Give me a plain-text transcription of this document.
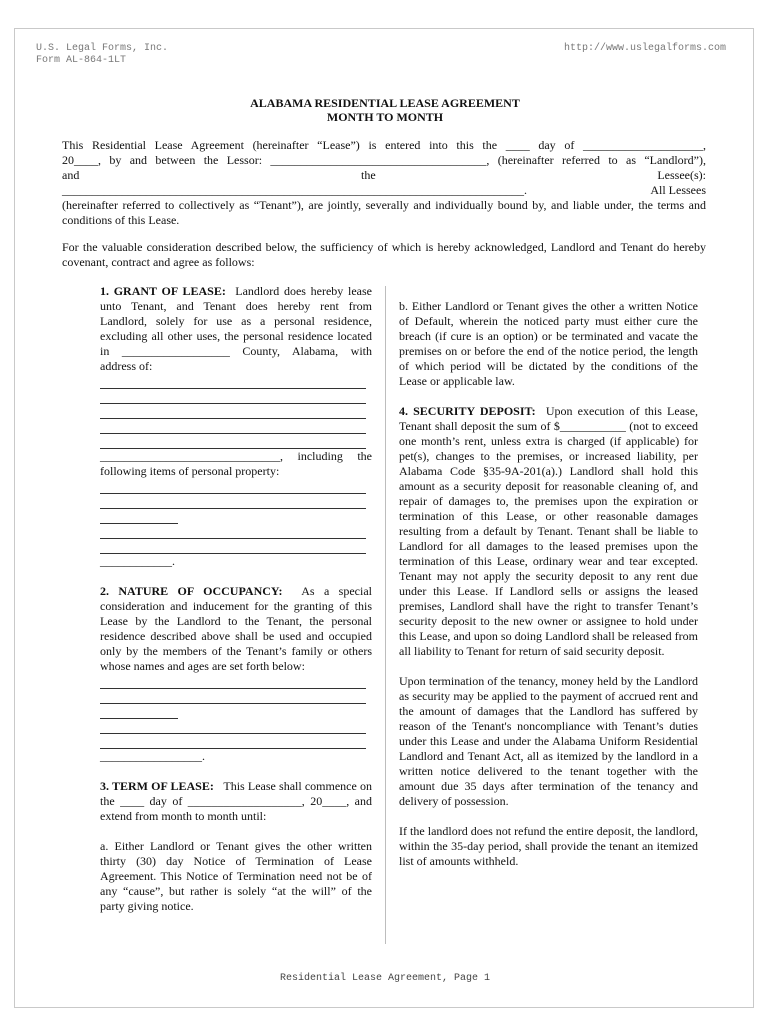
U.S. Legal Forms, Inc.
Form AL-864-1LT
http://www.uslegalforms.com
ALABAMA RESIDENTIAL LEASE AGREEMENT
MONTH TO MONTH

This Residential Lease Agreement (hereinafter “Lease”) is entered into this the ____ day of ____________________,

20____, by and between the Lessor: ____________________________________, (hereinafter referred to as “Landlord”),

and	the	Lessee(s):
_____________________________________________________________________________.	All Lessees

(hereinafter referred to collectively as “Tenant”), are jointly, severally and individually bound by, and liable under, the terms and conditions of this Lease.

For the valuable consideration described below, the sufficiency of which is hereby acknowledged, Landlord and Tenant do hereby covenant, contract and agree as follows:

1. GRANT OF LEASE: Landlord does hereby lease unto Tenant, and Tenant does hereby rent from Landlord, solely for use as a personal residence, excluding all other uses, the personal residence located in __________________ County, Alabama, with address of:

______________________________, including the following items of personal property:

____________.

2. NATURE OF OCCUPANCY: As a special consideration and inducement for the granting of this Lease by the Landlord to the Tenant, the personal residence described above shall be used and occupied only by the members of the Tenant’s family or others whose names and ages are set forth below:

_________________.

3. TERM OF LEASE: This Lease shall commence on the ____ day of ___________________, 20____, and extend from month to month until:

a. Either Landlord or Tenant gives the other written thirty (30) day Notice of Termination of Lease Agreement. This Notice of Termination need not be of any “cause”, but rather is solely “at the will” of the party giving notice.

b. Either Landlord or Tenant gives the other a written Notice of Default, wherein the noticed party must either cure the breach (if cure is an option) or be terminated and vacate the premises on or before the end of the notice period, the length of which period will be dictated by the conditions of the Lease or applicable law.

4. SECURITY DEPOSIT: Upon execution of this Lease, Tenant shall deposit the sum of $___________ (not to exceed one month’s rent, unless extra is charged (if applicable) for pet(s), changes to the premises, or increased liability, per Alabama Code §35-9A-201(a).) Landlord shall hold this amount as a security deposit for reasonable cleaning of, and repair of damages to, the premises upon the expiration or termination of this Lease, or other reasonable damages resulting from a default by Tenant. Tenant shall be liable to Landlord for all damages to the leased premises upon the termination of this Lease, ordinary wear and tear excepted. Tenant may not apply the security deposit to any rent due under this Lease. If Landlord sells or assigns the leased premises, Landlord shall have the right to transfer Tenant’s security deposit to the new owner or assignee to hold under this Lease, and upon so doing Landlord shall be released from all liability to Tenant for return of said security deposit.

Upon termination of the tenancy, money held by the Landlord as security may be applied to the payment of accrued rent and the amount of damages that the Landlord has suffered by reason of the Tenant's noncompliance with Tenant’s duties under this Lease and under the Alabama Uniform Residential Landlord and Tenant Act, all as itemized by the landlord in a written notice delivered to the tenant together with the amount due 35 days after termination of the tenancy and delivery of possession.

If the landlord does not refund the entire deposit, the landlord, within the 35-day period, shall provide the tenant an itemized list of amounts withheld.

Residential Lease Agreement, Page 1
